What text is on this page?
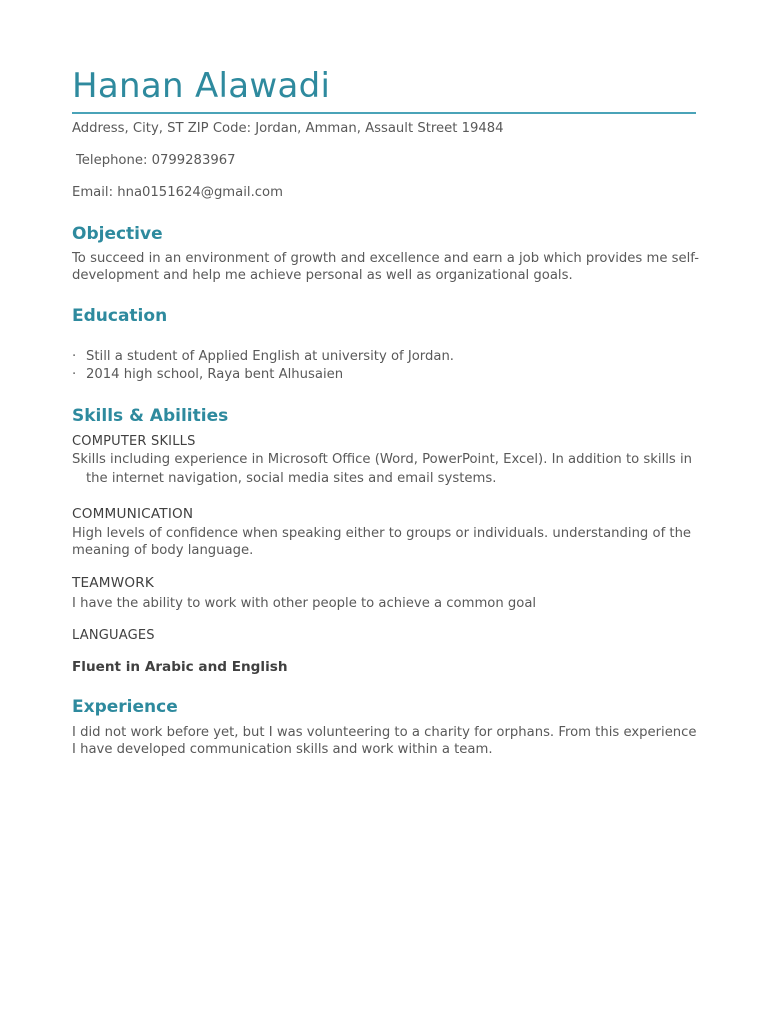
Hanan Alawadi
Address, City, ST ZIP Code: Jordan, Amman, Assault Street 19484
Telephone: 0799283967
Email: hna0151624@gmail.com
Objective
To succeed in an environment of growth and excellence and earn a job which provides me self-development and help me achieve personal as well as organizational goals.
Education
· Still a student of Applied English at university of Jordan.
· 2014 high school, Raya bent Alhusaien
Skills & Abilities
COMPUTER SKILLS
Skills including experience in Microsoft Office (Word, PowerPoint, Excel). In addition to skills in the internet navigation, social media sites and email systems.
COMMUNICATION
High levels of confidence when speaking either to groups or individuals. understanding of the meaning of body language.
TEAMWORK
I have the ability to work with other people to achieve a common goal
LANGUAGES
Fluent in Arabic and English
Experience
I did not work before yet, but I was volunteering to a charity for orphans. From this experience I have developed communication skills and work within a team.
